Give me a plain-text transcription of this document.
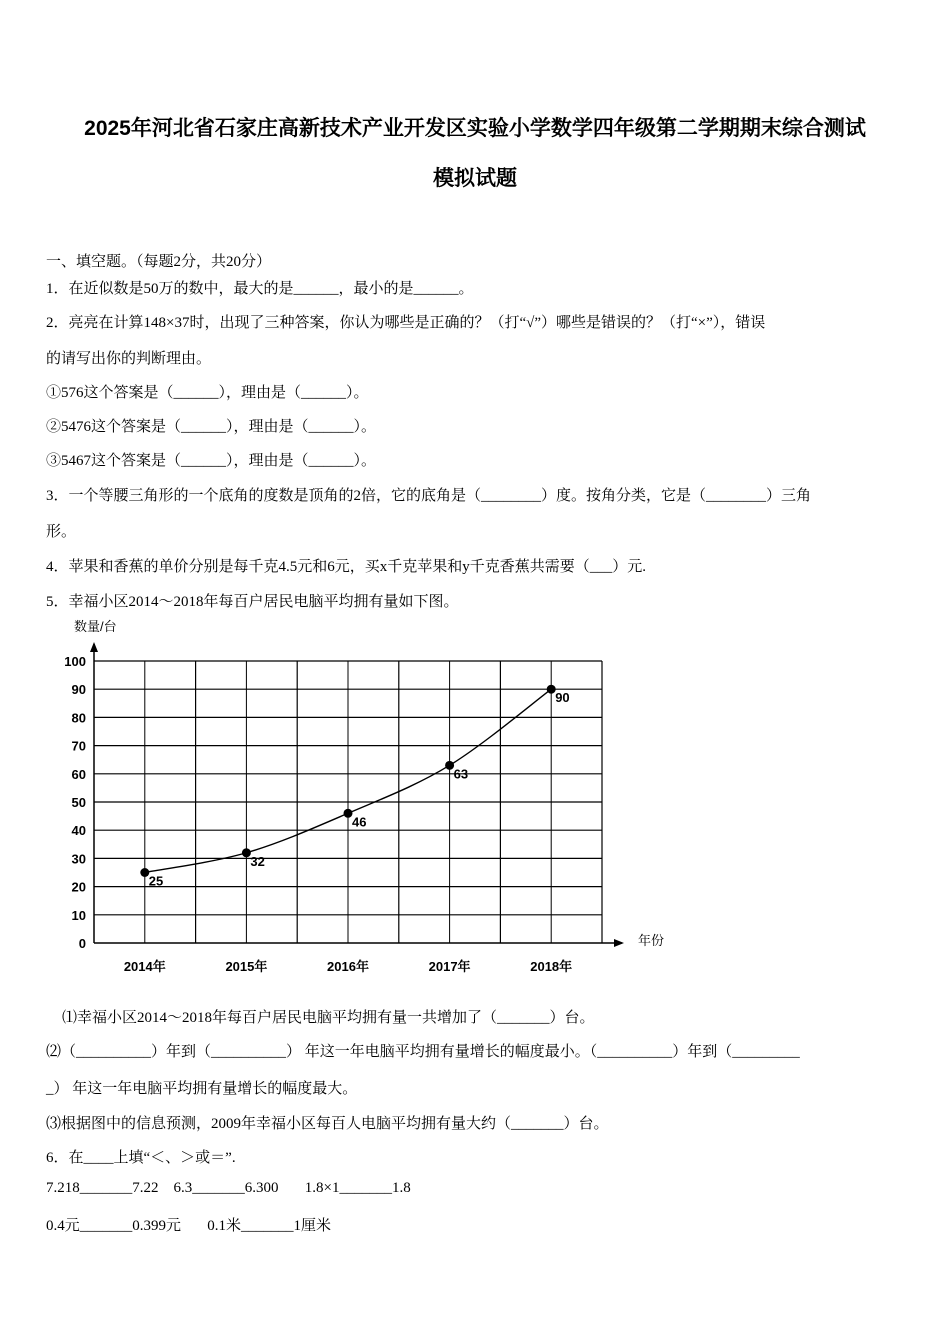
2025年河北省石家庄高新技术产业开发区实验小学数学四年级第二学期期末综合测试
模拟试题
一、填空题。（每题2分，共20分）
1．在近似数是50万的数中，最大的是______，最小的是______。
2．亮亮在计算148×37时，出现了三种答案，你认为哪些是正确的？（打“√”）哪些是错误的？（打“×”），错误
的请写出你的判断理由。
①576这个答案是（______），理由是（______）。
②5476这个答案是（______），理由是（______）。
③5467这个答案是（______），理由是（______）。
3．一个等腰三角形的一个底角的度数是顶角的2倍，它的底角是（________）度。按角分类，它是（________）三角
形。
4．苹果和香蕉的单价分别是每千克4.5元和6元，买x千克苹果和y千克香蕉共需要（___）元.
5．幸福小区2014～2018年每百户居民电脑平均拥有量如下图。
数量/台
年份
0
10
20
30
40
50
60
70
80
90
100
2014年	2015年	2016年	2017年	2018年
25
32
46
63
90
⑴幸福小区2014～2018年每百户居民电脑平均拥有量一共增加了（_______）台。
⑵（__________）年到（__________） 年这一年电脑平均拥有量增长的幅度最小。（__________）年到（_________
_） 年这一年电脑平均拥有量增长的幅度最大。
⑶根据图中的信息预测，2009年幸福小区每百人电脑平均拥有量大约（_______）台。
6．在____上填“＜、＞或＝”.
7.218_______7.22    6.3_______6.300       1.8×1_______1.8
0.4元_______0.399元       0.1米_______1厘米
